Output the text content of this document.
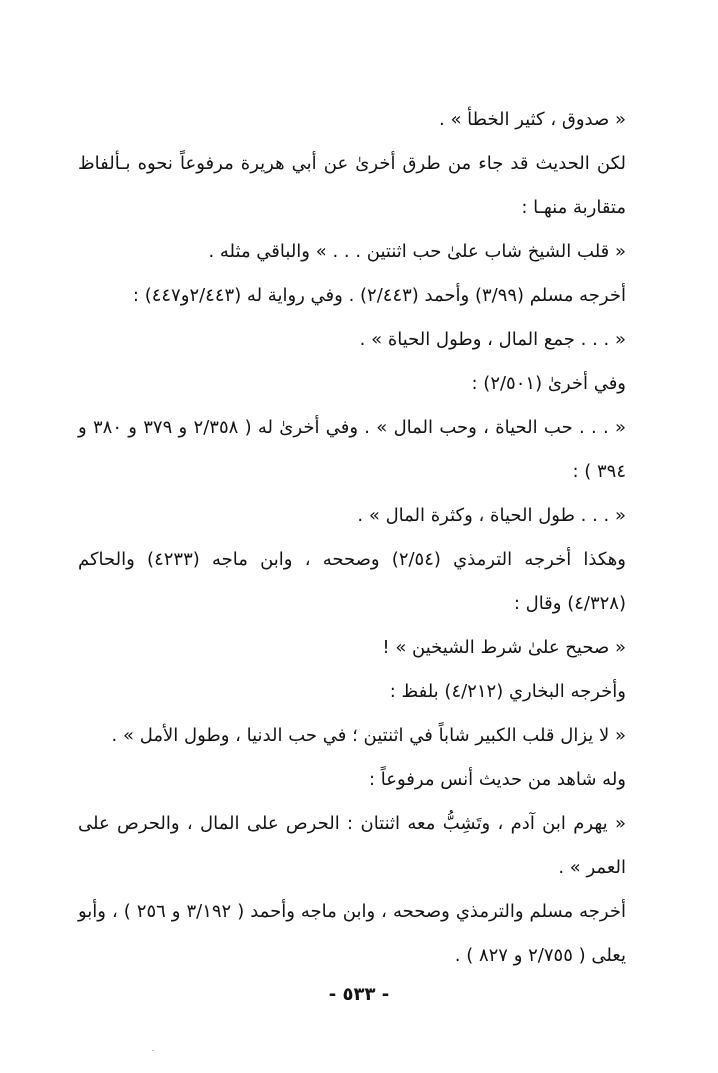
« صدوق ، كثير الخطأ » .
لكن الحديث قد جاء من طرق أخرىٰ عن أبي هريرة مرفوعاً نحوه بـألفاظ
متقاربة منهـا :
« قلب الشيخ شاب علىٰ حب اثنتين . . . » والباقي مثله .
أخرجه مسلم (٣/٩٩) وأحمد (٢/٤٤٣) . وفي رواية له (٢/٤٤٣و٤٤٧) :
« . . . جمع المال ، وطول الحياة » .
وفي أخرىٰ (٢/٥٠١) :
« . . . حب الحياة ، وحب المال » . وفي أخرىٰ له ( ٢/٣٥٨ و ٣٧٩ و ٣٨٠ و
٣٩٤ ) :
« . . . طول الحياة ، وكثرة المال » .
وهكذا أخرجه الترمذي (٢/٥٤) وصححه ، وابن ماجه (٤٢٣٣) والحاكم
(٤/٣٢٨) وقال :
« صحيح علىٰ شرط الشيخين » !
وأخرجه البخاري (٤/٢١٢) بلفظ :
« لا يزال قلب الكبير شاباً في اثنتين ؛ في حب الدنيا ، وطول الأمل » .
وله شاهد من حديث أنس مرفوعاً :
« يهرم ابن آدم ، وتَشِبُّ معه اثنتان : الحرص على المال ، والحرص على
العمر » .
أخرجه مسلم والترمذي وصححه ، وابن ماجه وأحمد ( ٣/١٩٢ و ٢٥٦ ) ، وأبو
يعلى ( ٢/٧٥٥ و ٨٢٧ ) .
- ٥٣٣ -
